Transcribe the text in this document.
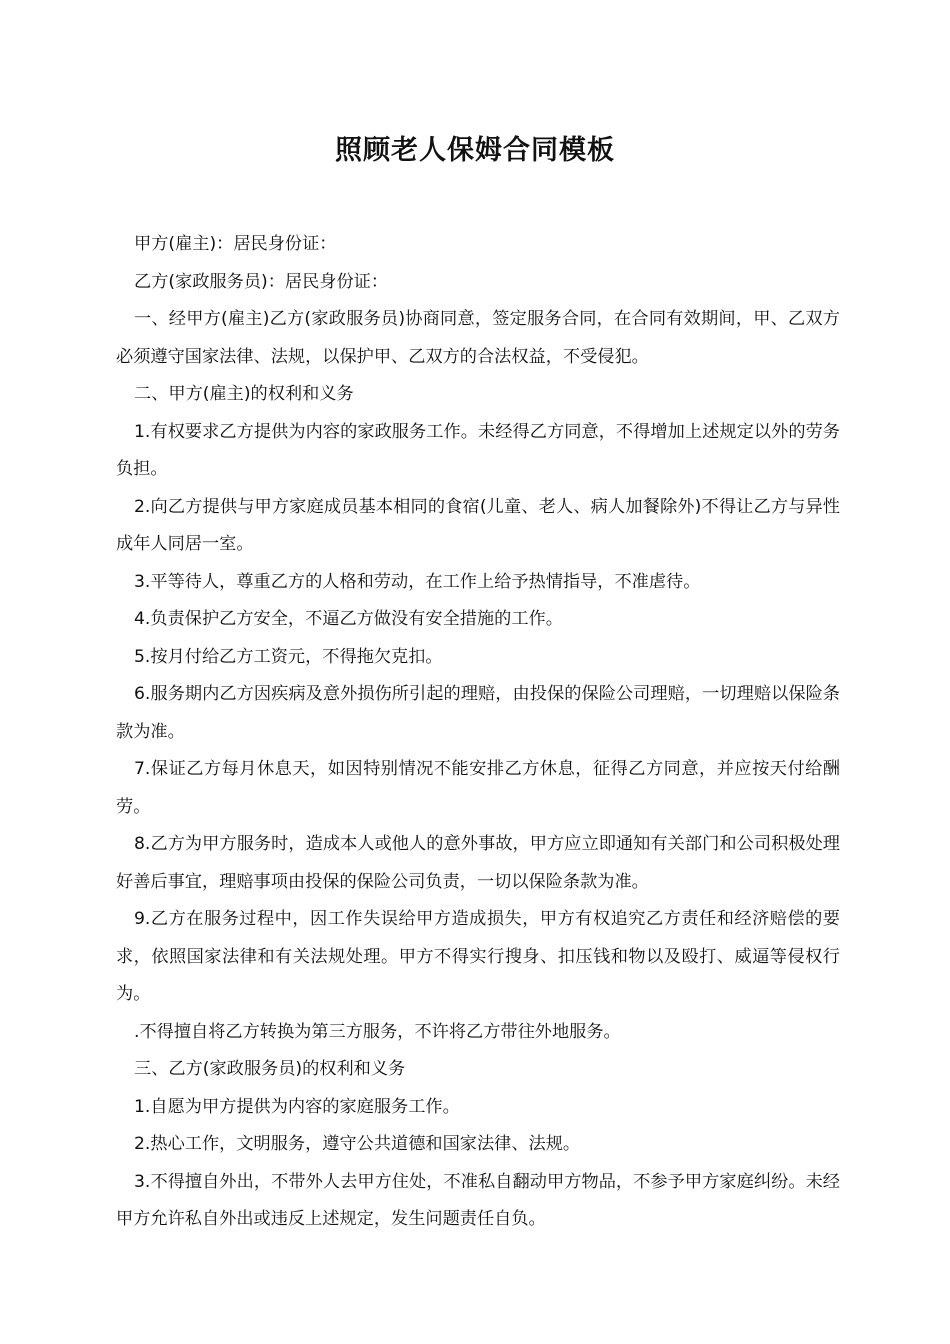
照顾老人保姆合同模板

甲方(雇主)：居民身份证：

乙方(家政服务员)：居民身份证：

一、经甲方(雇主)乙方(家政服务员)协商同意，签定服务合同，在合同有效期间，甲、乙双方必须遵守国家法律、法规，以保护甲、乙双方的合法权益，不受侵犯。

二、甲方(雇主)的权利和义务

1.有权要求乙方提供为内容的家政服务工作。未经得乙方同意，不得增加上述规定以外的劳务负担。

2.向乙方提供与甲方家庭成员基本相同的食宿(儿童、老人、病人加餐除外)不得让乙方与异性成年人同居一室。

3.平等待人，尊重乙方的人格和劳动，在工作上给予热情指导，不准虐待。

4.负责保护乙方安全，不逼乙方做没有安全措施的工作。

5.按月付给乙方工资元，不得拖欠克扣。

6.服务期内乙方因疾病及意外损伤所引起的理赔，由投保的保险公司理赔，一切理赔以保险条款为准。

7.保证乙方每月休息天，如因特别情况不能安排乙方休息，征得乙方同意，并应按天付给酬劳。

8.乙方为甲方服务时，造成本人或他人的意外事故，甲方应立即通知有关部门和公司积极处理好善后事宜，理赔事项由投保的保险公司负责，一切以保险条款为准。

9.乙方在服务过程中，因工作失误给甲方造成损失，甲方有权追究乙方责任和经济赔偿的要求，依照国家法律和有关法规处理。甲方不得实行搜身、扣压钱和物以及殴打、威逼等侵权行为。

.不得擅自将乙方转换为第三方服务，不许将乙方带往外地服务。

三、乙方(家政服务员)的权利和义务

1.自愿为甲方提供为内容的家庭服务工作。

2.热心工作，文明服务，遵守公共道德和国家法律、法规。

3.不得擅自外出，不带外人去甲方住处，不准私自翻动甲方物品，不参予甲方家庭纠纷。未经甲方允许私自外出或违反上述规定，发生问题责任自负。
